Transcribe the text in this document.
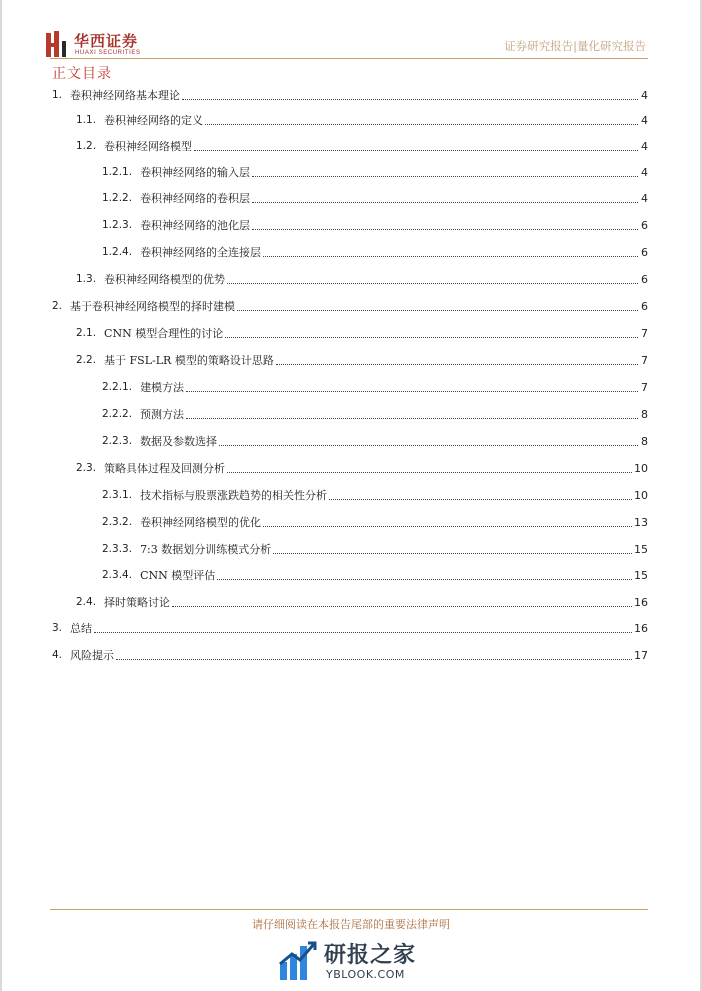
华西证券
HUAXI SECURITIES	证券研究报告|量化研究报告
正文目录
1. 卷积神经网络基本理论	4
1.1. 卷积神经网络的定义	4
1.2. 卷积神经网络模型	4
1.2.1. 卷积神经网络的输入层	4
1.2.2. 卷积神经网络的卷积层	4
1.2.3. 卷积神经网络的池化层	6
1.2.4. 卷积神经网络的全连接层	6
1.3. 卷积神经网络模型的优势	6
2. 基于卷积神经网络模型的择时建模	6
2.1. CNN 模型合理性的讨论	7
2.2. 基于 FSL-LR 模型的策略设计思路	7
2.2.1. 建模方法	7
2.2.2. 预测方法	8
2.2.3. 数据及参数选择	8
2.3. 策略具体过程及回测分析	10
2.3.1. 技术指标与股票涨跌趋势的相关性分析	10
2.3.2. 卷积神经网络模型的优化	13
2.3.3. 7:3 数据划分训练模式分析	15
2.3.4. CNN 模型评估	15
2.4. 择时策略讨论	16
3. 总结	16
4. 风险提示	17
请仔细阅读在本报告尾部的重要法律声明
研报之家
YBLOOK.COM
